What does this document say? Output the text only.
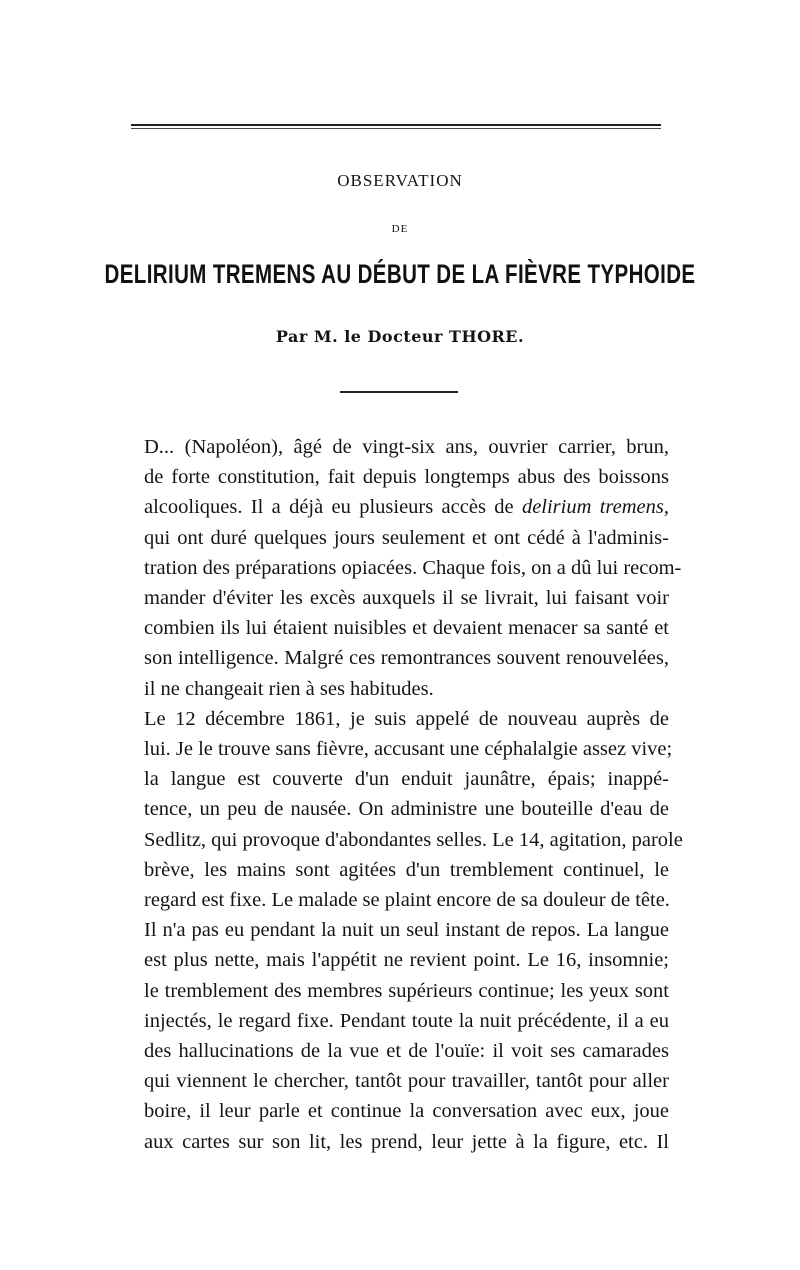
OBSERVATION
DE
DELIRIUM TREMENS AU DÉBUT DE LA FIÈVRE TYPHOIDE
Par M. le Docteur THORE.

D... (Napoléon), âgé de vingt-six ans, ouvrier carrier, brun,
de forte constitution, fait depuis longtemps abus des boissons
alcooliques. Il a déjà eu plusieurs accès de delirium tremens,
qui ont duré quelques jours seulement et ont cédé à l'adminis-
tration des préparations opiacées. Chaque fois, on a dû lui recom-
mander d'éviter les excès auxquels il se livrait, lui faisant voir
combien ils lui étaient nuisibles et devaient menacer sa santé et
son intelligence. Malgré ces remontrances souvent renouvelées,
il ne changeait rien à ses habitudes.

Le 12 décembre 1861, je suis appelé de nouveau auprès de
lui. Je le trouve sans fièvre, accusant une céphalalgie assez vive;
la langue est couverte d'un enduit jaunâtre, épais; inappé-
tence, un peu de nausée. On administre une bouteille d'eau de
Sedlitz, qui provoque d'abondantes selles. Le 14, agitation, parole
brève, les mains sont agitées d'un tremblement continuel, le
regard est fixe. Le malade se plaint encore de sa douleur de tête.
Il n'a pas eu pendant la nuit un seul instant de repos. La langue
est plus nette, mais l'appétit ne revient point. Le 16, insomnie;
le tremblement des membres supérieurs continue; les yeux sont
injectés, le regard fixe. Pendant toute la nuit précédente, il a eu
des hallucinations de la vue et de l'ouïe: il voit ses camarades
qui viennent le chercher, tantôt pour travailler, tantôt pour aller
boire, il leur parle et continue la conversation avec eux, joue
aux cartes sur son lit, les prend, leur jette à la figure, etc. Il
